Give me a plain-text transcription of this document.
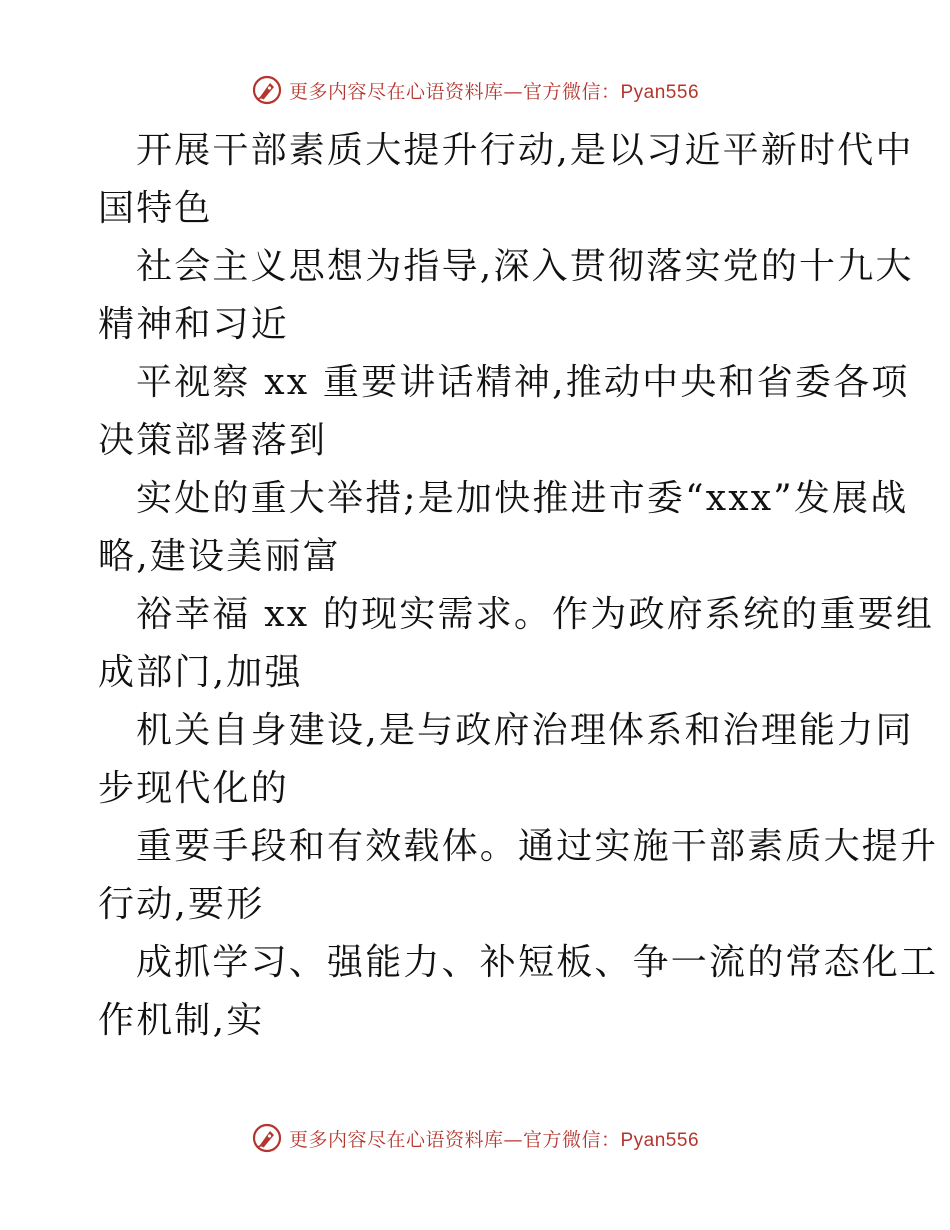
更多内容尽在心语资料库—官方微信：Pyan556

开展干部素质大提升行动,是以习近平新时代中
国特色

社会主义思想为指导,深入贯彻落实党的十九大
精神和习近

平视察 xx 重要讲话精神,推动中央和省委各项
决策部署落到

实处的重大举措;是加快推进市委“xxx”发展战
略,建设美丽富

裕幸福 xx 的现实需求。作为政府系统的重要组
成部门,加强

机关自身建设,是与政府治理体系和治理能力同
步现代化的

重要手段和有效载体。通过实施干部素质大提升
行动,要形

成抓学习、强能力、补短板、争一流的常态化工
作机制,实

更多内容尽在心语资料库—官方微信：Pyan556
